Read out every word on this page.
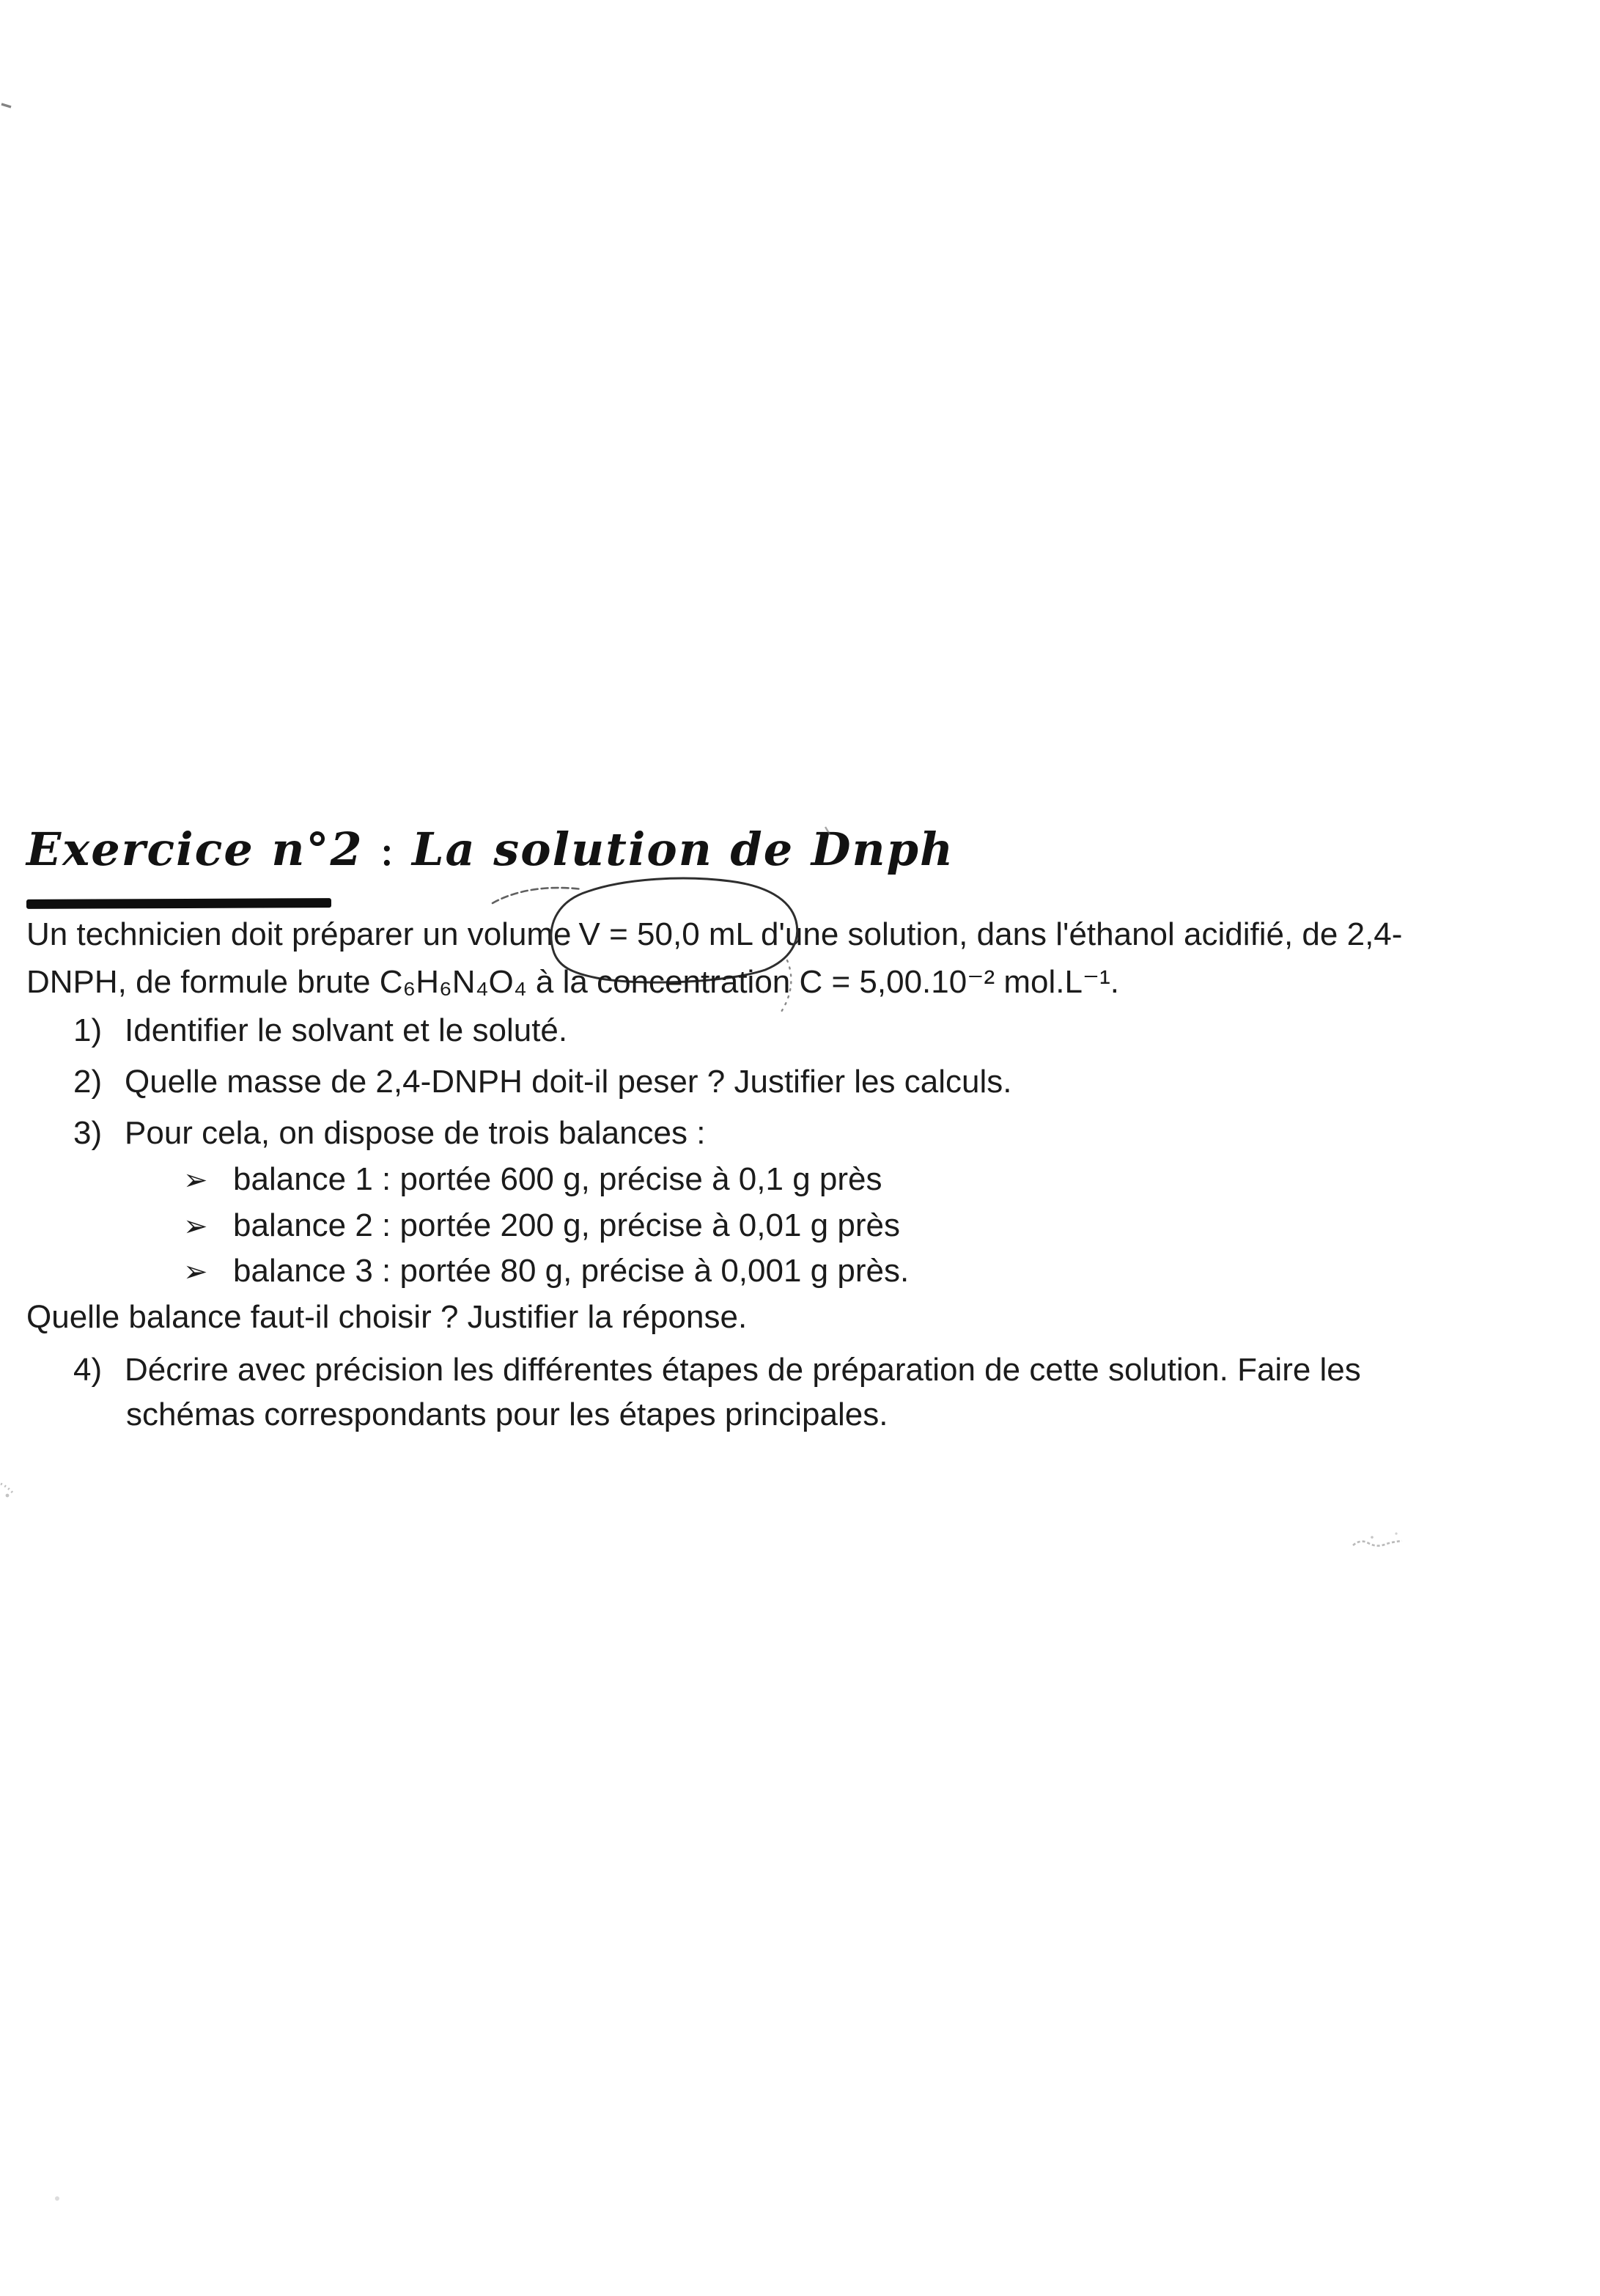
Exercice n°2 : La solution de Dnph
Un technicien doit préparer un volume V = 50,0 mL d'une solution, dans l'éthanol acidifié, de 2,4-
DNPH, de formule brute C₆H₆N₄O₄ à la concentration C = 5,00.10⁻² mol.L⁻¹.
1) Identifier le solvant et le soluté.
2) Quelle masse de 2,4-DNPH doit-il peser ? Justifier les calculs.
3) Pour cela, on dispose de trois balances :
➢ balance 1 : portée 600 g, précise à 0,1 g près
➢ balance 2 : portée 200 g, précise à 0,01 g près
➢ balance 3 : portée 80 g, précise à 0,001 g près.
Quelle balance faut-il choisir ? Justifier la réponse.
4) Décrire avec précision les différentes étapes de préparation de cette solution. Faire les
schémas correspondants pour les étapes principales.
